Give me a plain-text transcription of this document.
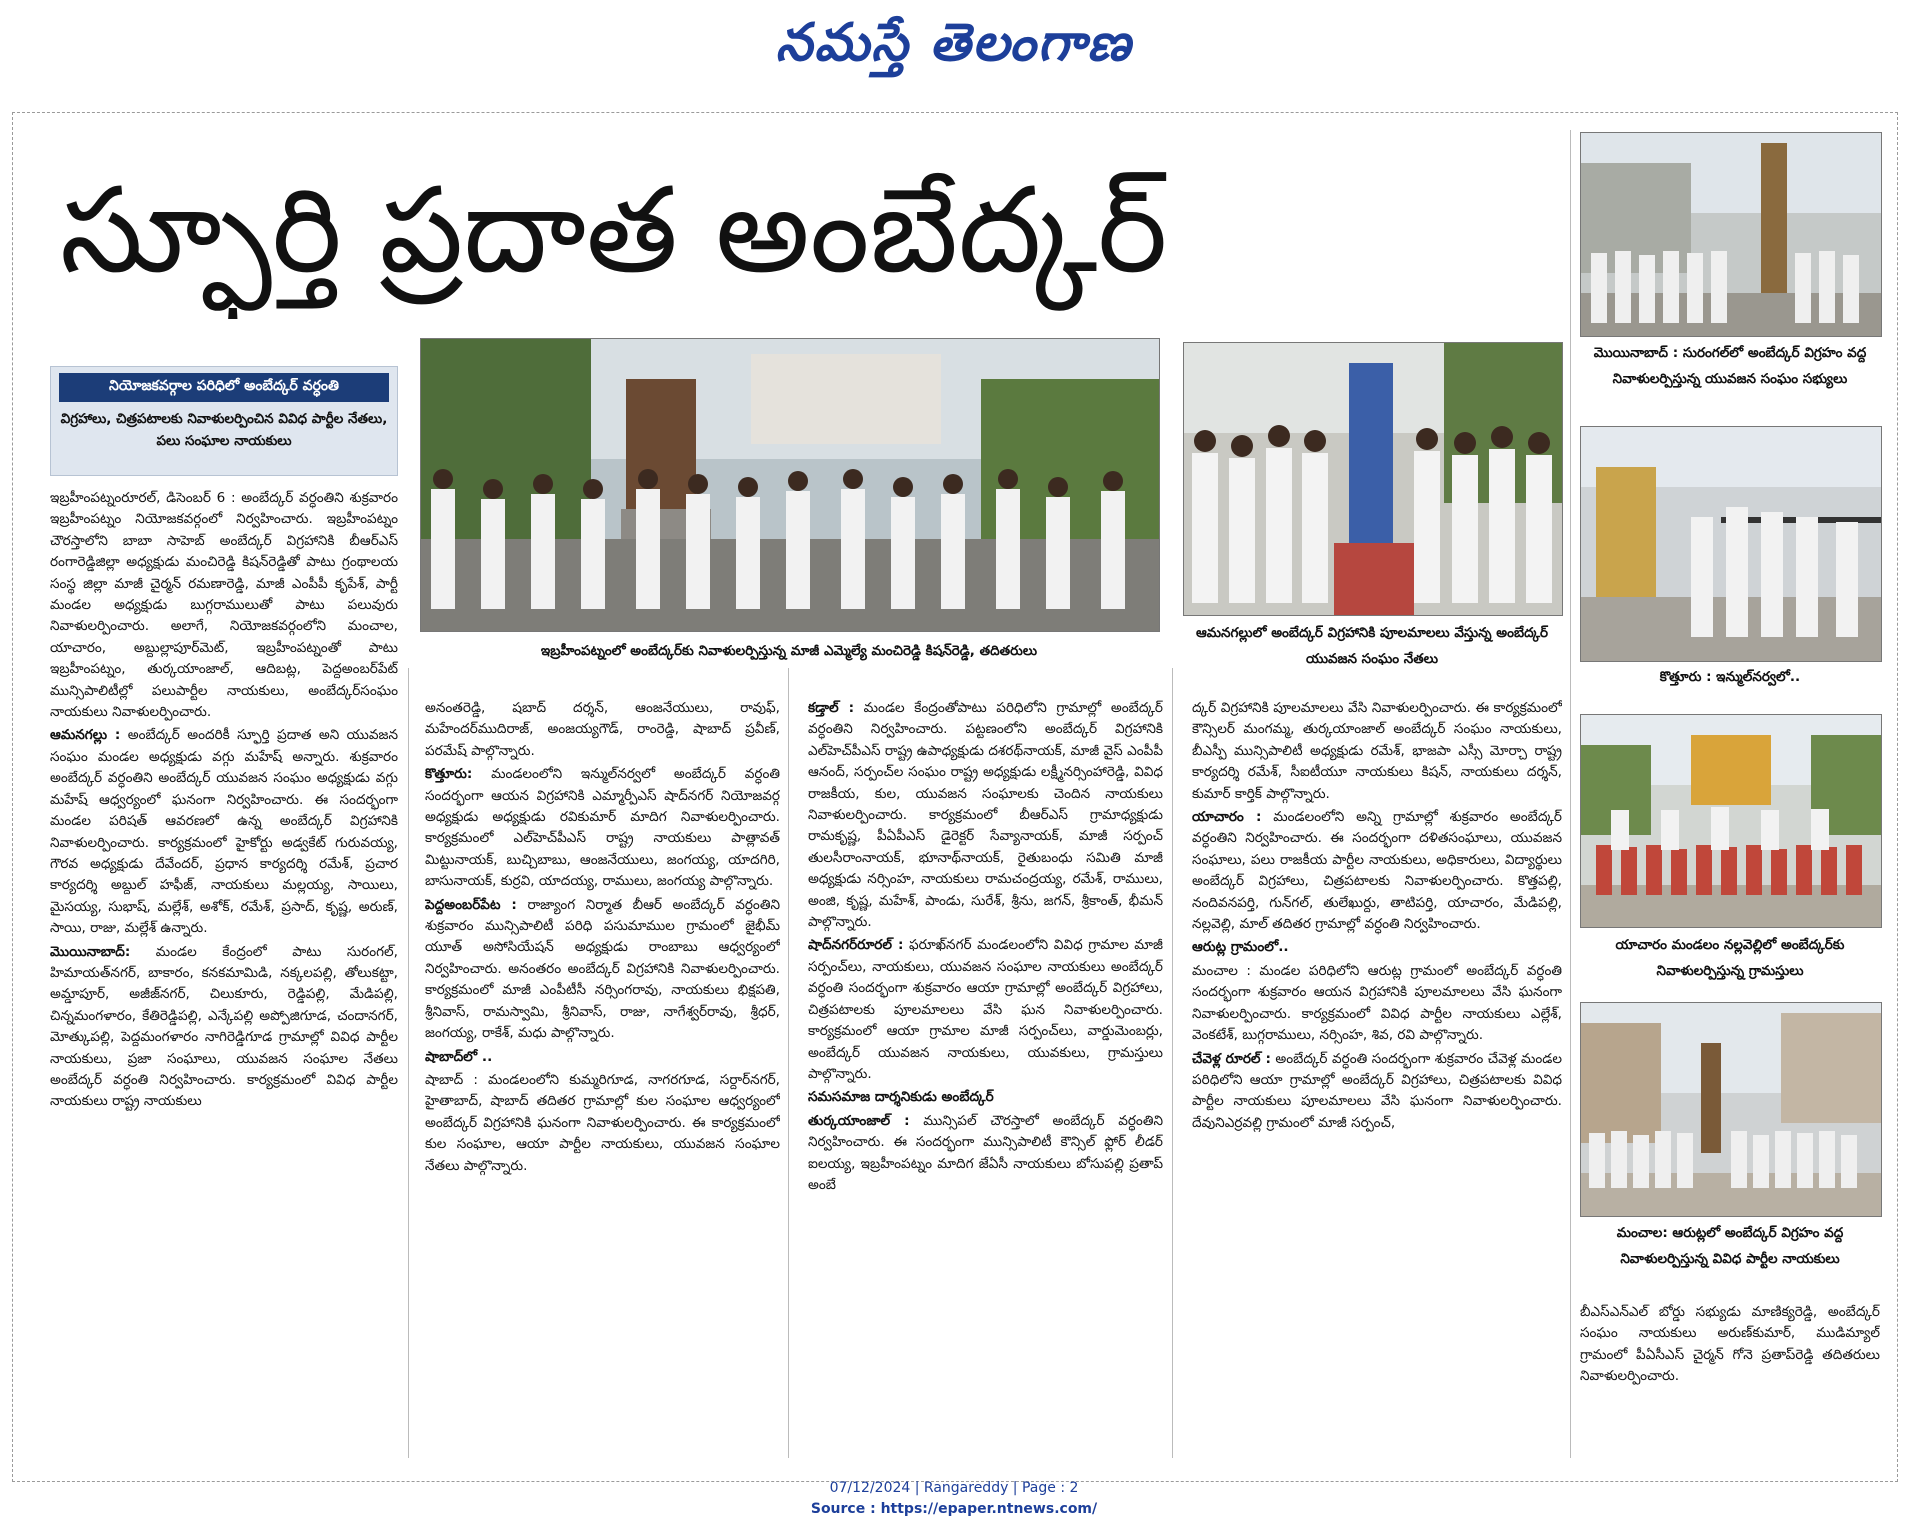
నమస్తే తెలంగాణ
స్ఫూర్తి ప్రదాత అంబేద్కర్
నియోజకవర్గాల పరిధిలో అంబేద్కర్ వర్ధంతి
విగ్రహాలు, చిత్రపటాలకు నివాళులర్పించిన వివిధ పార్టీల నేతలు, పలు సంఘాల నాయకులు
ఇబ్రహీంపట్నంలో అంబేద్కర్‌కు నివాళులర్పిస్తున్న మాజీ ఎమ్మెల్యే మంచిరెడ్డి కిషన్‌రెడ్డి, తదితరులు
ఆమనగల్లులో అంబేద్కర్ విగ్రహానికి పూలమాలలు వేస్తున్న అంబేద్కర్ యువజన సంఘం నేతలు
మొయినాబాద్ : సురంగల్‌లో అంబేద్కర్ విగ్రహం వద్ద నివాళులర్పిస్తున్న యువజన సంఘం సభ్యులు
కొత్తూరు : ఇన్ముల్‌నర్వలో..
యాచారం మండలం నల్లవెల్లిలో అంబేద్కర్‌కు నివాళులర్పిస్తున్న గ్రామస్తులు
మంచాల: ఆరుట్లలో అంబేద్కర్ విగ్రహం వద్ద నివాళులర్పిస్తున్న వివిధ పార్టీల నాయకులు

ఇబ్రహీంపట్నంరూరల్, డిసెంబర్ 6 : అంబేద్కర్ వర్ధంతిని శుక్రవారం ఇబ్రహీంపట్నం నియోజకవర్గంలో నిర్వహించారు. ఇబ్రహీంపట్నం చౌరస్తాలోని బాబా సాహెబ్ అంబేద్కర్ విగ్రహానికి బీఆర్‌ఎస్ రంగారెడ్డిజిల్లా అధ్యక్షుడు మంచిరెడ్డి కిషన్‌రెడ్డితో పాటు గ్రంథాలయ సంస్థ జిల్లా మాజీ చైర్మన్ రమణారెడ్డి, మాజీ ఎంపీపీ కృపేశ్, పార్టీ మండల అధ్యక్షుడు బుగ్గరాములుతో పాటు పలువురు నివాళులర్పించారు. అలాగే, నియోజకవర్గంలోని మంచాల, యాచారం, అబ్దుల్లాపూర్‌మెట్, ఇబ్రహీంపట్నంతో పాటు ఇబ్రహీంపట్నం, తుర్కయాంజాల్, ఆదిబట్ల, పెద్దఅంబర్‌పేట్ మున్సిపాలిటీల్లో పలుపార్టీల నాయకులు, అంబేద్కర్‌సంఘం నాయకులు నివాళులర్పించారు.

ఆమనగల్లు : అంబేద్కర్ అందరికీ స్ఫూర్తి ప్రదాత అని యువజన సంఘం మండల అధ్యక్షుడు వగ్గు మహేష్ అన్నారు. శుక్రవారం అంబేద్కర్ వర్ధంతిని అంబేద్కర్ యువజన సంఘం అధ్యక్షుడు వగ్గు మహేష్ ఆధ్వర్యంలో ఘనంగా నిర్వహించారు. ఈ సందర్భంగా మండల పరిషత్ ఆవరణలో ఉన్న అంబేద్కర్ విగ్రహానికి నివాళులర్పించారు. కార్యక్రమంలో హైకోర్టు అడ్వకేట్ గురువయ్య, గౌరవ అధ్యక్షుడు దేవేందర్, ప్రధాన కార్యదర్శి రమేశ్, ప్రచార కార్యదర్శి అబ్దుల్ హఫీజ్, నాయకులు మల్లయ్య, సాయిలు, మైసయ్య, సుభాష్, మల్లేశ్, అశోక్, రమేశ్, ప్రసాద్, కృష్ణ, అరుణ్, సాయి, రాజు, మల్లేశ్ ఉన్నారు.

మొయినాబాద్: మండల కేంద్రంలో పాటు సురంగల్, హిమాయత్‌నగర్, బాకారం, కనకమామిడి, నక్కలపల్లి, తోలుకట్టా, అమ్డాపూర్, అజీజ్‌నగర్, చిలుకూరు, రెడ్డిపల్లి, మేడిపల్లి, చిన్నమంగళారం, కేతిరెడ్డిపల్లి, ఎన్కేపల్లి అప్పోజిగూడ, చందానగర్, మోత్కుపల్లి, పెద్దమంగళారం నాగిరెడ్డిగూడ గ్రామాల్లో వివిధ పార్టీల నాయకులు, ప్రజా సంఘాలు, యువజన సంఘాల నేతలు అంబేద్కర్ వర్ధంతి నిర్వహించారు. కార్యక్రమంలో వివిధ పార్టీల నాయకులు రాష్ట్ర నాయకులు

అనంతరెడ్డి, షబాద్ దర్శన్, ఆంజనేయులు, రావుఫ్, మహేందర్‌ముదిరాజ్, అంజయ్యగౌడ్, రాంరెడ్డి, షాబాద్ ప్రవీణ్, పరమేష్ పాల్గొన్నారు.

కొత్తూరు: మండలంలోని ఇన్ముల్‌నర్వలో అంబేద్కర్ వర్ధంతి సందర్భంగా ఆయన విగ్రహానికి ఎమ్మార్పీఎస్ షాద్‌నగర్ నియోజవర్గ అధ్యక్షుడు అధ్యక్షుడు రవికుమార్ మాదిగ నివాళులర్పించారు. కార్యక్రమంలో ఎల్‌హెచ్‌పీఎస్ రాష్ట్ర నాయకులు పాత్లావత్ మిట్టునాయక్, బుచ్చిబాబు, ఆంజనేయులు, జంగయ్య, యాదగిరి, బాసునాయక్, కుర్రవి, యాదయ్య, రాములు, జంగయ్య పాల్గొన్నారు.

పెద్దఅంబర్‌పేట : రాజ్యాంగ నిర్మాత బీఆర్ అంబేద్కర్ వర్ధంతిని శుక్రవారం మున్సిపాలిటీ పరిధి పసుమాముల గ్రామంలో జైభీమ్ యూత్ అసోసియేషన్ అధ్యక్షుడు రాంబాబు ఆధ్వర్యంలో నిర్వహించారు. అనంతరం అంబేద్కర్ విగ్రహానికి నివాళులర్పించారు. కార్యక్రమంలో మాజీ ఎంపీటీసీ నర్సింగరావు, నాయకులు భిక్షపతి, శ్రీనివాస్, రామస్వామి, శ్రీనివాస్, రాజు, నాగేశ్వర్‌రావు, శ్రీధర్, జంగయ్య, రాకేశ్, మధు పాల్గొన్నారు.

షాబాద్‌లో ..

షాబాద్ : మండలంలోని కుమ్మరిగూడ, నాగరగూడ, సర్దార్‌నగర్, హైతాబాద్, షాబాద్ తదితర గ్రామాల్లో కుల సంఘాల ఆధ్వర్యంలో అంబేద్కర్ విగ్రహానికి ఘనంగా నివాళులర్పించారు. ఈ కార్యక్రమంలో కుల సంఘాల, ఆయా పార్టీల నాయకులు, యువజన సంఘాల నేతలు పాల్గొన్నారు.

కడ్తాల్ : మండల కేంద్రంతోపాటు పరిధిలోని గ్రామాల్లో అంబేద్కర్ వర్ధంతిని నిర్వహించారు. పట్టణంలోని అంబేద్కర్ విగ్రహానికి ఎల్‌హెచ్‌పీఎస్ రాష్ట్ర ఉపాధ్యక్షుడు దశరథ్‌నాయక్, మాజీ వైస్ ఎంపీపీ ఆనంద్, సర్పంచ్‌ల సంఘం రాష్ట్ర అధ్యక్షుడు లక్ష్మీనర్సింహారెడ్డి, వివిధ రాజకీయ, కుల, యువజన సంఘాలకు చెందిన నాయకులు నివాళులర్పించారు. కార్యక్రమంలో బీఆర్‌ఎస్ గ్రామాధ్యక్షుడు రామకృష్ణ, పీఏపీఎస్ డైరెక్టర్ సేవ్యానాయక్, మాజీ సర్పంచ్ తులసీరాంనాయక్, భూనాథ్‌నాయక్, రైతుబంధు సమితి మాజీ అధ్యక్షుడు నర్సింహ, నాయకులు రామచంద్రయ్య, రమేశ్, రాములు, అంజి, కృష్ణ, మహేశ్, పాండు, సురేశ్, శ్రీను, జగన్, శ్రీకాంత్, భీమన్ పాల్గొన్నారు.

షాద్‌నగర్‌రూరల్ : ఫరూఖ్‌నగర్ మండలంలోని వివిధ గ్రామాల మాజీ సర్పంచ్‌లు, నాయకులు, యువజన సంఘాల నాయకులు అంబేద్కర్ వర్ధంతి సందర్భంగా శుక్రవారం ఆయా గ్రామాల్లో అంబేద్కర్ విగ్రహాలు, చిత్రపటాలకు పూలమాలలు వేసి ఘన నివాళులర్పించారు. కార్యక్రమంలో ఆయా గ్రామాల మాజీ సర్పంచ్‌లు, వార్డుమెంబర్లు, అంబేద్కర్ యువజన నాయకులు, యువకులు, గ్రామస్తులు పాల్గొన్నారు.

సమసమాజ దార్శనికుడు అంబేద్కర్

తుర్కయాంజాల్ : మున్సిపల్ చౌరస్తాలో అంబేద్కర్ వర్ధంతిని నిర్వహించారు. ఈ సందర్భంగా మున్సిపాలిటీ కౌన్సిల్ ఫ్లోర్ లీడర్ ఐలయ్య, ఇబ్రహీంపట్నం మాదిగ జేఏసీ నాయకులు బోసుపల్లి ప్రతాప్ అంబే

ద్కర్ విగ్రహానికి పూలమాలలు వేసి నివాళులర్పించారు. ఈ కార్యక్రమంలో కౌన్సిలర్ మంగమ్మ, తుర్కయాంజాల్ అంబేద్కర్ సంఘం నాయకులు, బీఎస్పీ మున్సిపాలిటీ అధ్యక్షుడు రమేశ్, భాజపా ఎస్సీ మోర్చా రాష్ట్ర కార్యదర్శి రమేశ్, సీఐటీయూ నాయకులు కిషన్, నాయకులు దర్శన్, కుమార్ కార్తిక్ పాల్గొన్నారు.

యాచారం : మండలంలోని అన్ని గ్రామాల్లో శుక్రవారం అంబేద్కర్ వర్ధంతిని నిర్వహించారు. ఈ సందర్భంగా దళితసంఘాలు, యువజన సంఘాలు, పలు రాజకీయ పార్టీల నాయకులు, అధికారులు, విద్యార్థులు అంబేద్కర్ విగ్రహాలు, చిత్రపటాలకు నివాళులర్పించారు. కొత్తపల్లి, నందివనపర్తి, గున్‌గల్, తులేఖుర్దు, తాటిపర్తి, యాచారం, మేడిపల్లి, నల్లవెల్లి, మాల్ తదితర గ్రామాల్లో వర్ధంతి నిర్వహించారు.

ఆరుట్ల గ్రామంలో..

మంచాల : మండల పరిధిలోని ఆరుట్ల గ్రామంలో అంబేద్కర్ వర్ధంతి సందర్భంగా శుక్రవారం ఆయన విగ్రహానికి పూలమాలలు వేసి ఘనంగా నివాళులర్పించారు. కార్యక్రమంలో వివిధ పార్టీల నాయకులు ఎల్లేశ్, వెంకటేశ్, బుగ్గరాములు, నర్సింహ, శివ, రవి పాల్గొన్నారు.

చేవెళ్ల రూరల్ : అంబేద్కర్ వర్ధంతి సందర్భంగా శుక్రవారం చేవెళ్ల మండల పరిధిలోని ఆయా గ్రామాల్లో అంబేద్కర్ విగ్రహాలు, చిత్రపటాలకు వివిధ పార్టీల నాయకులు పూలమాలలు వేసి ఘనంగా నివాళులర్పించారు. దేవునిఎర్రవల్లి గ్రామంలో మాజీ సర్పంచ్,

బీఎస్‌ఎన్‌ఎల్ బోర్డు సభ్యుడు మాణిక్యరెడ్డి, అంబేద్కర్ సంఘం నాయకులు అరుణ్‌కుమార్, ముడిమ్యాల్ గ్రామంలో పీఏసీఎస్ చైర్మన్ గోనె ప్రతాప్‌రెడ్డి తదితరులు నివాళులర్పించారు.

07/12/2024 | Rangareddy | Page : 2
Source : https://epaper.ntnews.com/
